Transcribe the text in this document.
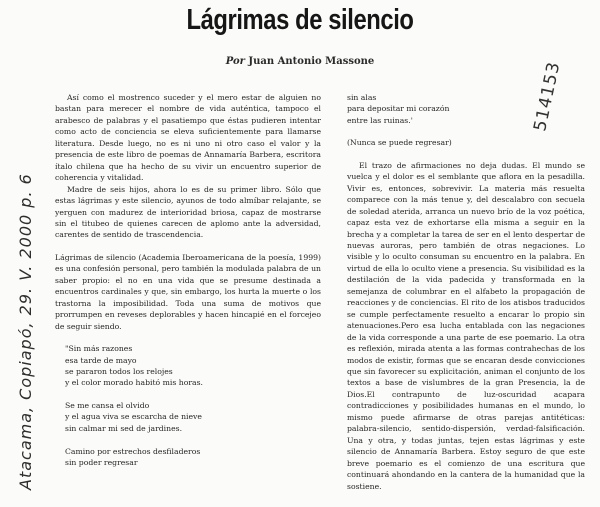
Lágrimas de silencio
Por Juan Antonio Massone

Así como el mostrenco suceder y el mero estar de alguien no bastan para merecer el nombre de vida auténtica, tampoco el arabesco de palabras y el pasatiempo que éstas pudieren intentar como acto de conciencia se eleva suficientemente para llamarse literatura. Desde luego, no es ni uno ni otro caso el valor y la presencia de este libro de poemas de Annamaría Barbera, escritora ítalo chilena que ha hecho de su vivir un encuentro superior de coherencia y vitalidad.

Madre de seis hijos, ahora lo es de su primer libro. Sólo que estas lágrimas y este silencio, ayunos de todo almíbar relajante, se yerguen con madurez de interioridad briosa, capaz de mostrarse sin el titubeo de quienes carecen de aplomo ante la adversidad, carentes de sentido de trascendencia.

Lágrimas de silencio (Academia Iberoamericana de la poesía, 1999) es una confesión personal, pero también la modulada palabra de un saber propio: el no en una vida que se presume destinada a encuentros cardinales y que, sin embargo, los hurta la muerte o los trastorna la imposibilidad. Toda una suma de motivos que prorrumpen en reveses deplorables y hacen hincapié en el forcejeo de seguir siendo.

"Sin más razones
esa tarde de mayo
se pararon todos los relojes
y el color morado habitó mis horas.
Se me cansa el olvido
y el agua viva se escarcha de nieve
sin calmar mi sed de jardines.

Camino por estrechos desfiladeros
sin poder regresar
sin alas
para depositar mi corazón
entre las ruinas.'

(Nunca se puede regresar)

El trazo de afirmaciones no deja dudas. El mundo se vuelca y el dolor es el semblante que aflora en la pesadilla. Vivir es, entonces, sobrevivir. La materia más resuelta comparece con la más tenue y, del descalabro con secuela de soledad aterida, arranca un nuevo brío de la voz poética, capaz esta vez de exhortarse ella misma a seguir en la brecha y a completar la tarea de ser en el lento despertar de nuevas auroras, pero también de otras negaciones. Lo visible y lo oculto consuman su encuentro en la palabra. En virtud de ella lo oculto viene a presencia. Su visibilidad es la destilación de la vida padecida y transformada en la semejanza de columbrar en el alfabeto la propagación de reacciones y de conciencias. El rito de los atisbos traducidos se cumple perfectamente resuelto a encarar lo propio sin atenuaciones.Pero esa lucha entablada con las negaciones de la vida corresponde a una parte de ese poemario. La otra es reflexión, mirada atenta a las formas contrahechas de los modos de existir, formas que se encaran desde convicciones que sin favorecer su explicitación, animan el conjunto de los textos a base de vislumbres de la gran Presencia, la de Dios.El contrapunto de luz-oscuridad acapara contradicciones y posibilidades humanas en el mundo, lo mismo puede afirmarse de otras parejas antitéticas: palabra-silencio, sentido-dispersión, verdad-falsificación. Una y otra, y todas juntas, tejen estas lágrimas y este silencio de Annamaría Barbera. Estoy seguro de que este breve poemario es el comienzo de una escritura que continuará ahondando en la cantera de la humanidad que la sostiene.

514153
Atacama, Copiapó, 29. V. 2000 p. 6
